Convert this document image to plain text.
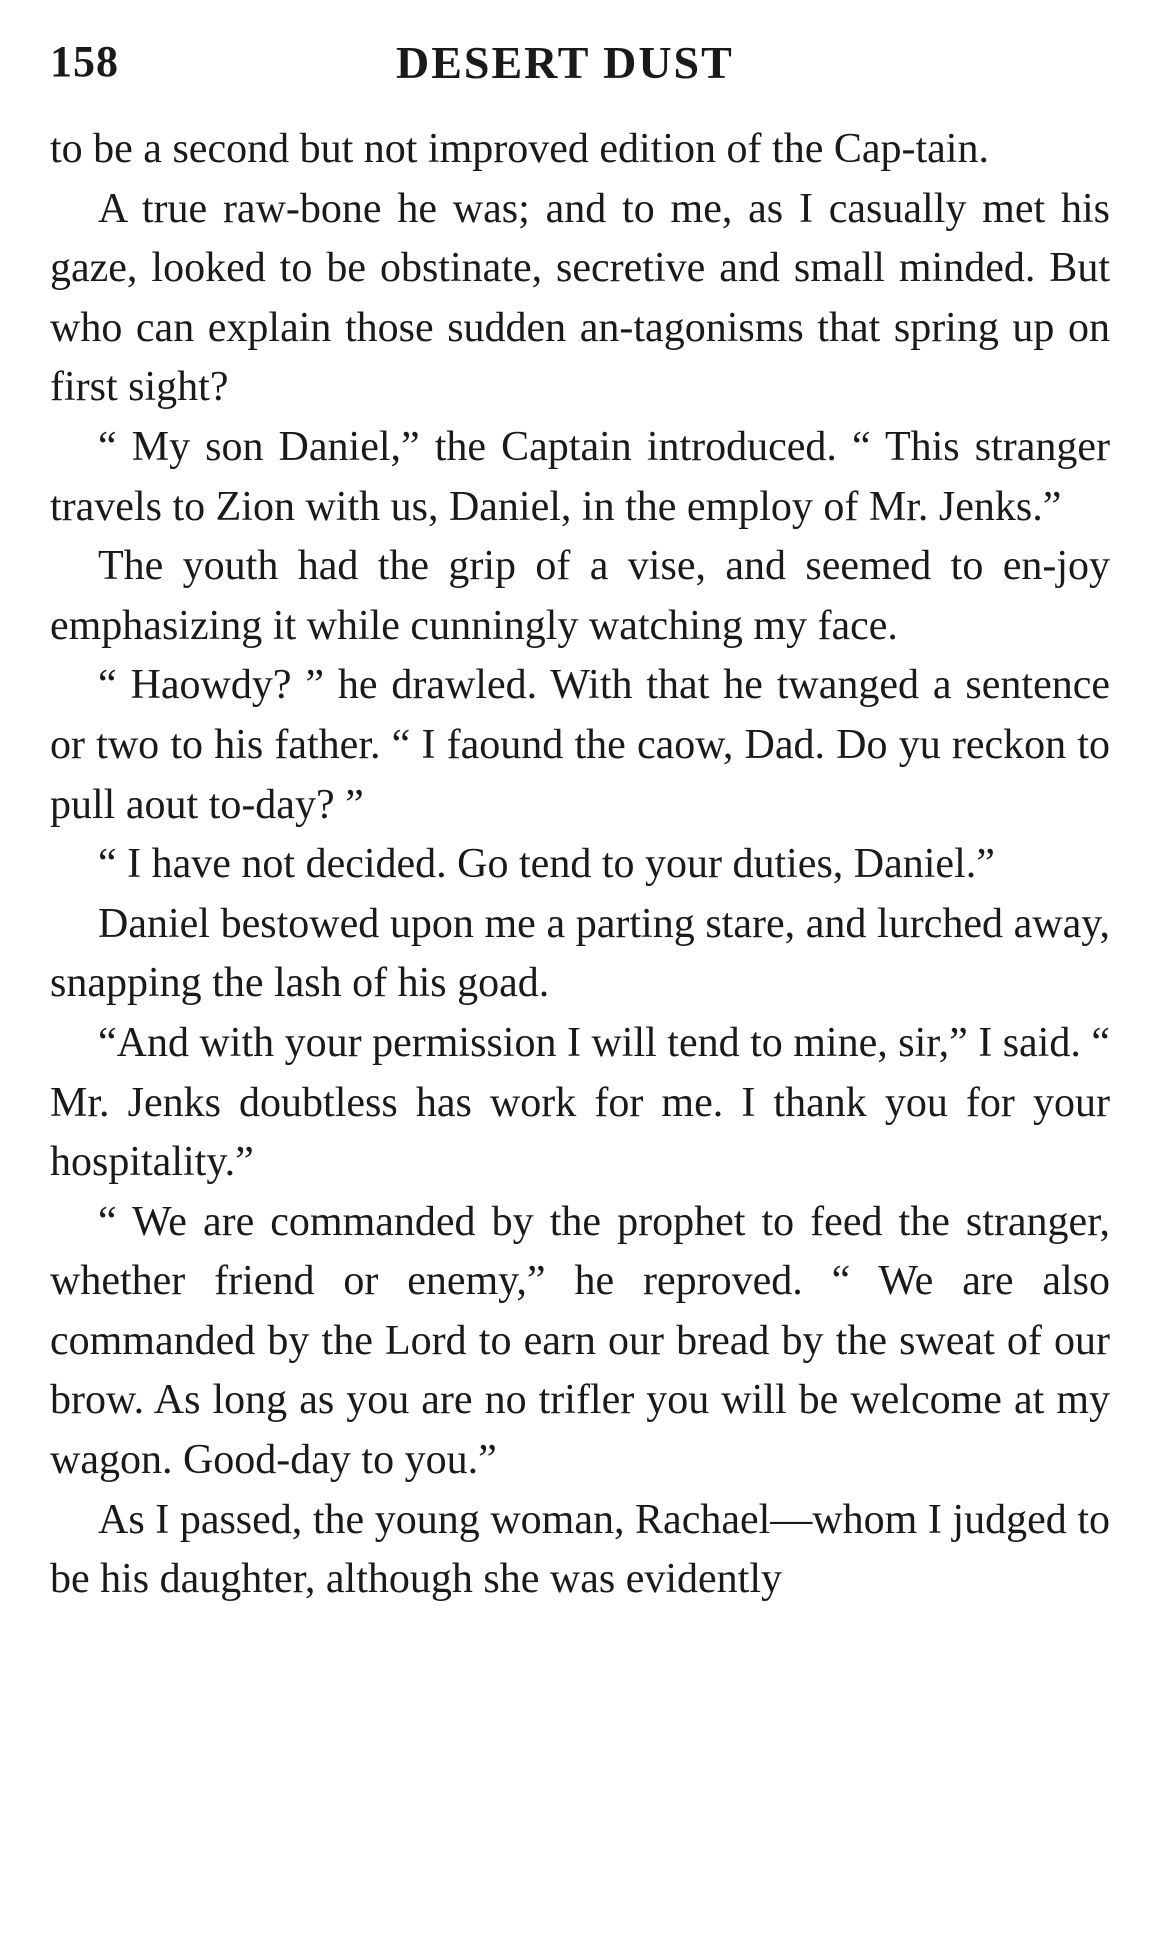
158	DESERT DUST

to be a second but not improved edition of the Cap-tain.

A true raw-bone he was; and to me, as I casually met his gaze, looked to be obstinate, secretive and small minded. But who can explain those sudden an-tagonisms that spring up on first sight?

“ My son Daniel,” the Captain introduced. “ This stranger travels to Zion with us, Daniel, in the employ of Mr. Jenks.”

The youth had the grip of a vise, and seemed to en-joy emphasizing it while cunningly watching my face.

“ Haowdy? ” he drawled. With that he twanged a sentence or two to his father. “ I faound the caow, Dad. Do yu reckon to pull aout to-day? ”

“ I have not decided. Go tend to your duties, Daniel.”

Daniel bestowed upon me a parting stare, and lurched away, snapping the lash of his goad.

“And with your permission I will tend to mine, sir,” I said. “ Mr. Jenks doubtless has work for me. I thank you for your hospitality.”

“ We are commanded by the prophet to feed the stranger, whether friend or enemy,” he reproved. “ We are also commanded by the Lord to earn our bread by the sweat of our brow. As long as you are no trifler you will be welcome at my wagon. Good-day to you.”

As I passed, the young woman, Rachael—whom I judged to be his daughter, although she was evidently
